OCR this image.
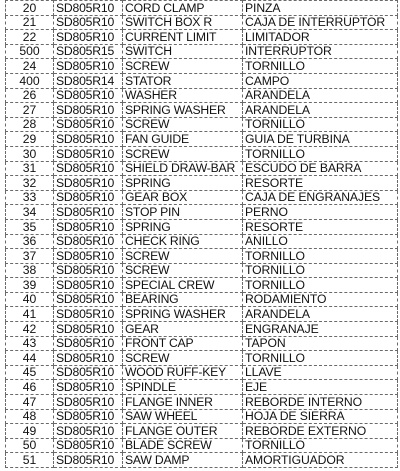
20	SD805R10	CORD CLAMP	PINZA
21	SD805R10	SWITCH BOX R	CAJA DE INTERRUPTOR
22	SD805R10	CURRENT LIMIT	LIMITADOR
500	SD805R15	SWITCH	INTERRUPTOR
24	SD805R10	SCREW	TORNILLO
400	SD805R14	STATOR	CAMPO
26	SD805R10	WASHER	ARANDELA
27	SD805R10	SPRING WASHER	ARANDELA
28	SD805R10	SCREW	TORNILLO
29	SD805R10	FAN GUIDE	GUIA DE TURBINA
30	SD805R10	SCREW	TORNILLO
31	SD805R10	SHIELD DRAW-BAR	ESCUDO DE BARRA
32	SD805R10	SPRING	RESORTE
33	SD805R10	GEAR BOX	CAJA DE ENGRANAJES
34	SD805R10	STOP PIN	PERNO
35	SD805R10	SPRING	RESORTE
36	SD805R10	CHECK RING	ANILLO
37	SD805R10	SCREW	TORNILLO
38	SD805R10	SCREW	TORNILLO
39	SD805R10	SPECIAL CREW	TORNILLO
40	SD805R10	BEARING	RODAMIENTO
41	SD805R10	SPRING WASHER	ARANDELA
42	SD805R10	GEAR	ENGRANAJE
43	SD805R10	FRONT CAP	TAPON
44	SD805R10	SCREW	TORNILLO
45	SD805R10	WOOD RUFF-KEY	LLAVE
46	SD805R10	SPINDLE	EJE
47	SD805R10	FLANGE INNER	REBORDE INTERNO
48	SD805R10	SAW WHEEL	HOJA DE SIERRA
49	SD805R10	FLANGE OUTER	REBORDE EXTERNO
50	SD805R10	BLADE SCREW	TORNILLO
51	SD805R10	SAW DAMP	AMORTIGUADOR
